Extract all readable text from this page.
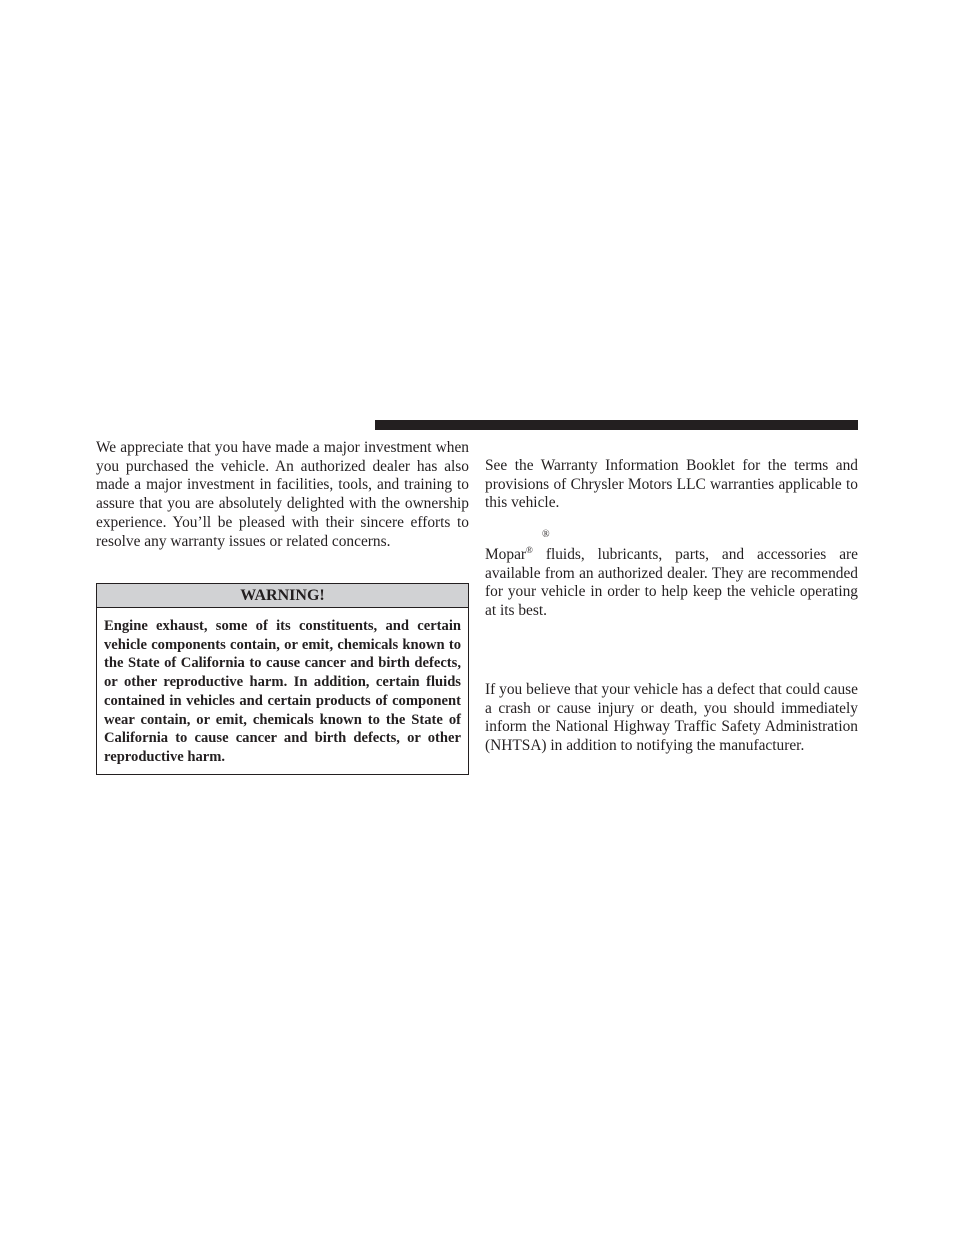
We appreciate that you have made a major investment when you purchased the vehicle. An authorized dealer has also made a major investment in facilities, tools, and training to assure that you are absolutely delighted with the ownership experience. You’ll be pleased with their sincere efforts to resolve any warranty issues or related concerns.

WARNING!
Engine exhaust, some of its constituents, and certain vehicle components contain, or emit, chemicals known to the State of California to cause cancer and birth defects, or other reproductive harm. In addition, certain fluids contained in vehicles and certain products of component wear contain, or emit, chemicals known to the State of California to cause cancer and birth defects, or other reproductive harm.

See the Warranty Information Booklet for the terms and provisions of Chrysler Motors LLC warranties applicable to this vehicle.

®

Mopar® fluids, lubricants, parts, and accessories are available from an authorized dealer. They are recommended for your vehicle in order to help keep the vehicle operating at its best.

If you believe that your vehicle has a defect that could cause a crash or cause injury or death, you should immediately inform the National Highway Traffic Safety Administration (NHTSA) in addition to notifying the manufacturer.
